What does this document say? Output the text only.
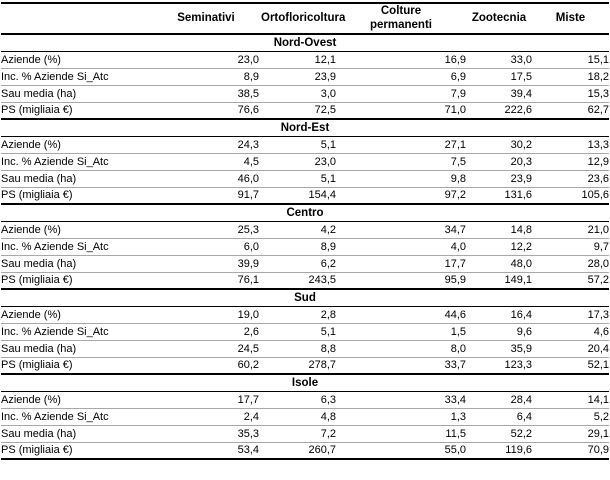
	Seminativi	Ortofloricoltura	Colture permanenti	Zootecnia	Miste
Nord-Ovest					
Aziende (%)	23,0	12,1	16,9	33,0	15,1
Inc. % Aziende Si_Atc	8,9	23,9	6,9	17,5	18,2
Sau media (ha)	38,5	3,0	7,9	39,4	15,3
PS (migliaia €)	76,6	72,5	71,0	222,6	62,7
Nord-Est					
Aziende (%)	24,3	5,1	27,1	30,2	13,3
Inc. % Aziende Si_Atc	4,5	23,0	7,5	20,3	12,9
Sau media (ha)	46,0	5,1	9,8	23,9	23,6
PS (migliaia €)	91,7	154,4	97,2	131,6	105,6
Centro					
Aziende (%)	25,3	4,2	34,7	14,8	21,0
Inc. % Aziende Si_Atc	6,0	8,9	4,0	12,2	9,7
Sau media (ha)	39,9	6,2	17,7	48,0	28,0
PS (migliaia €)	76,1	243,5	95,9	149,1	57,2
Sud					
Aziende (%)	19,0	2,8	44,6	16,4	17,3
Inc. % Aziende Si_Atc	2,6	5,1	1,5	9,6	4,6
Sau media (ha)	24,5	8,8	8,0	35,9	20,4
PS (migliaia €)	60,2	278,7	33,7	123,3	52,1
Isole					
Aziende (%)	17,7	6,3	33,4	28,4	14,1
Inc. % Aziende Si_Atc	2,4	4,8	1,3	6,4	5,2
Sau media (ha)	35,3	7,2	11,5	52,2	29,1
PS (migliaia €)	53,4	260,7	55,0	119,6	70,9
